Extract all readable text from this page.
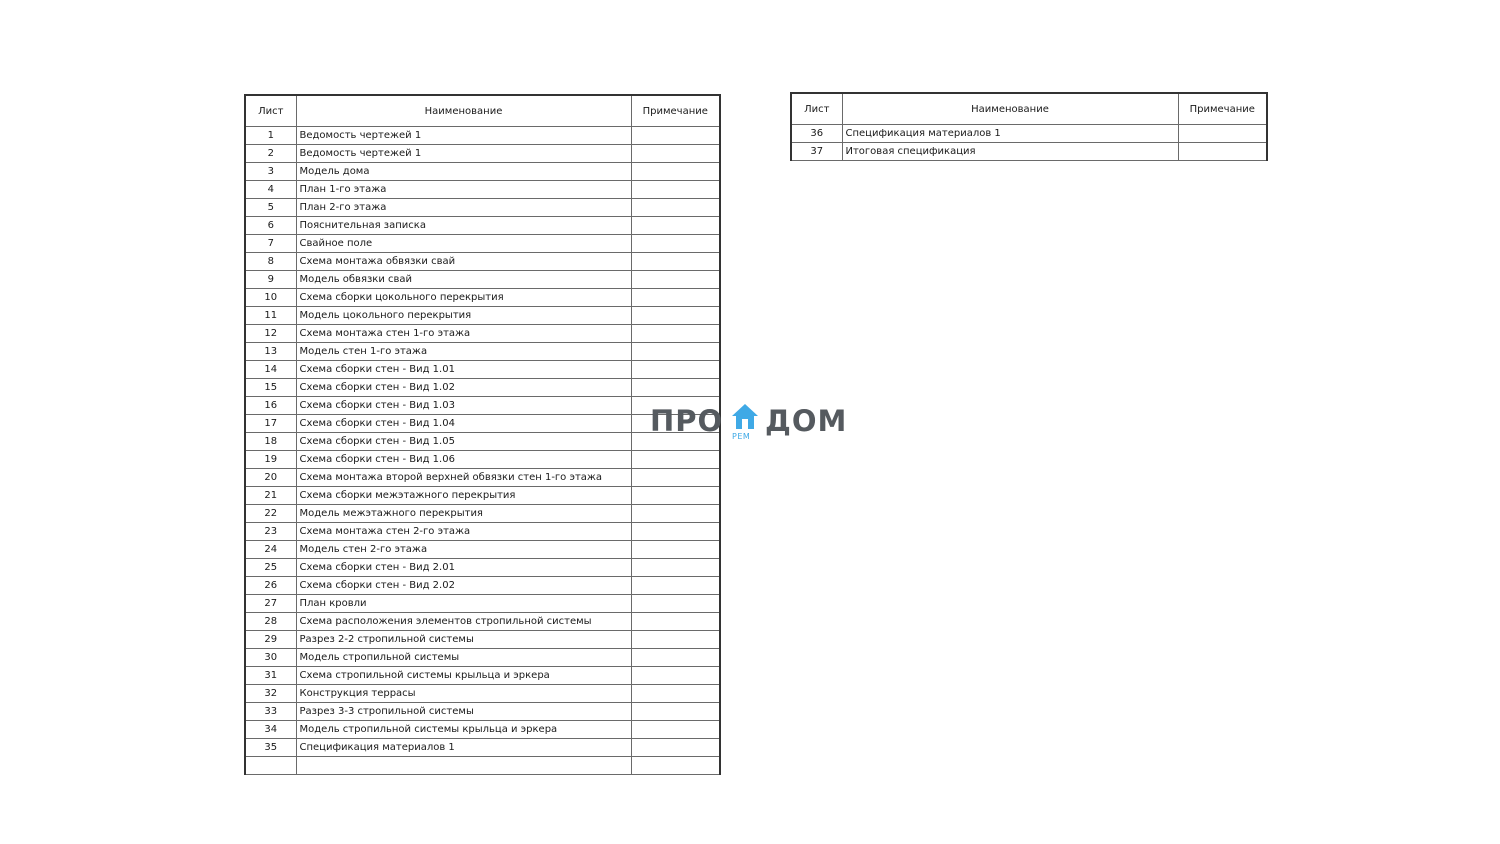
Лист	Наименование	Примечание
1	Ведомость чертежей 1	
2	Ведомость чертежей 1	
3	Модель дома	
4	План 1-го этажа	
5	План 2-го этажа	
6	Пояснительная записка	
7	Свайное поле	
8	Схема монтажа обвязки свай	
9	Модель обвязки свай	
10	Схема сборки цокольного перекрытия	
11	Модель цокольного перекрытия	
12	Схема монтажа стен 1-го этажа	
13	Модель стен 1-го этажа	
14	Схема сборки стен - Вид 1.01	
15	Схема сборки стен - Вид 1.02	
16	Схема сборки стен - Вид 1.03	
17	Схема сборки стен - Вид 1.04	
18	Схема сборки стен - Вид 1.05	
19	Схема сборки стен - Вид 1.06	
20	Схема монтажа второй верхней обвязки стен 1-го этажа	
21	Схема сборки межэтажного перекрытия	
22	Модель межэтажного перекрытия	
23	Схема монтажа стен 2-го этажа	
24	Модель стен 2-го этажа	
25	Схема сборки стен - Вид 2.01	
26	Схема сборки стен - Вид 2.02	
27	План кровли	
28	Схема расположения элементов стропильной системы	
29	Разрез 2-2 стропильной системы	
30	Модель стропильной системы	
31	Схема стропильной системы крыльца и эркера	
32	Конструкция террасы	
33	Разрез 3-3 стропильной системы	
34	Модель стропильной системы крыльца и эркера	
35	Спецификация материалов 1	

Лист	Наименование	Примечание
36	Спецификация материалов 1	
37	Итоговая спецификация	
ПРО РЕМ ДОМ
